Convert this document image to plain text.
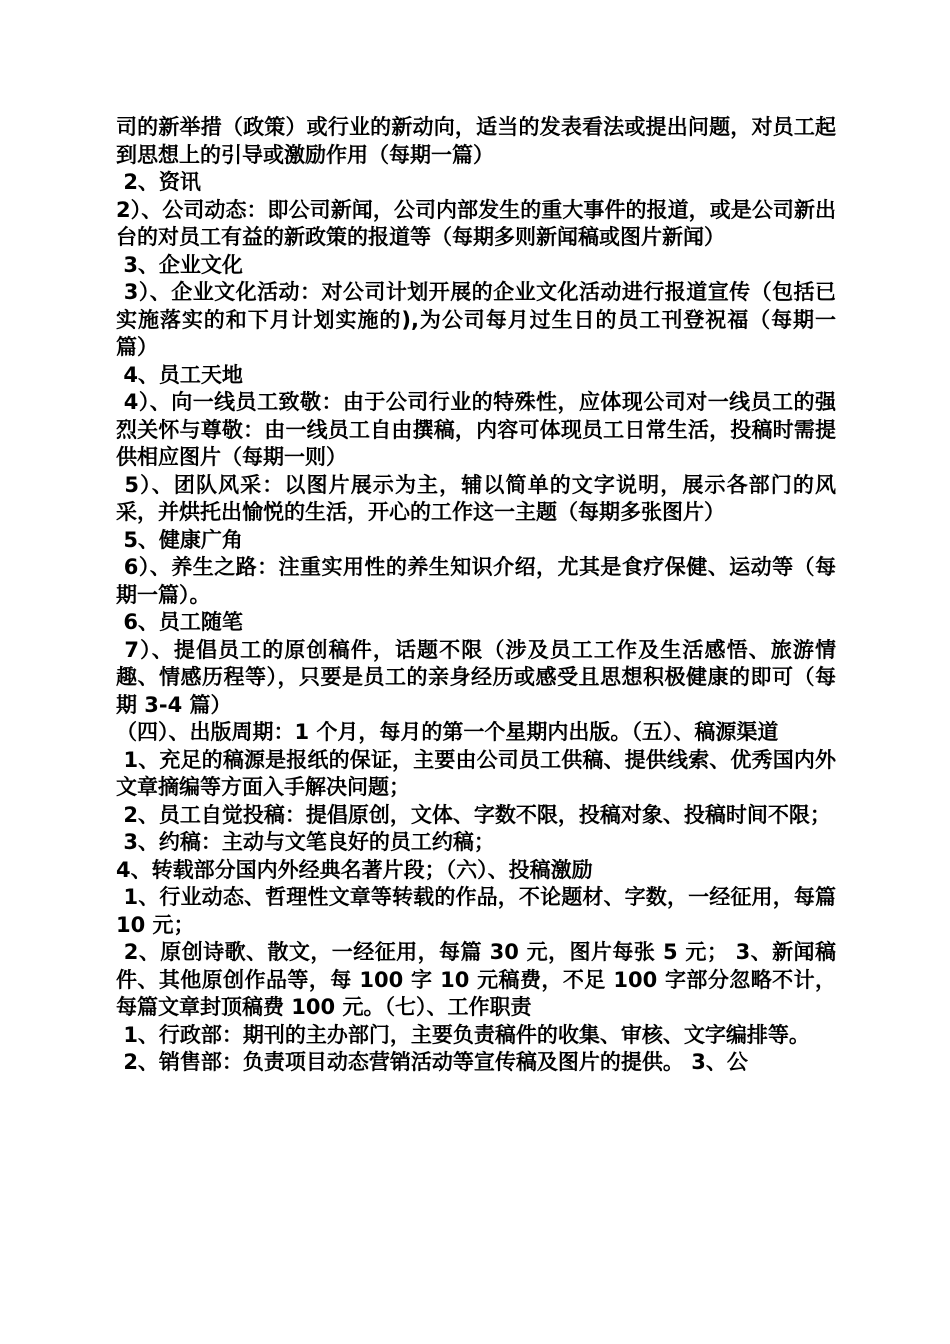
司的新举措（政策）或行业的新动向，适当的发表看法或提出问题，对员工起到思想上的引导或激励作用（每期一篇）

2、资讯

2）、公司动态：即公司新闻，公司内部发生的重大事件的报道，或是公司新出台的对员工有益的新政策的报道等（每期多则新闻稿或图片新闻）

3、企业文化

3）、企业文化活动：对公司计划开展的企业文化活动进行报道宣传（包括已实施落实的和下月计划实施的),为公司每月过生日的员工刊登祝福（每期一篇）

4、员工天地

4）、向一线员工致敬：由于公司行业的特殊性，应体现公司对一线员工的强烈关怀与尊敬：由一线员工自由撰稿，内容可体现员工日常生活，投稿时需提供相应图片（每期一则）

5）、团队风采：以图片展示为主，辅以简单的文字说明，展示各部门的风采，并烘托出愉悦的生活，开心的工作这一主题（每期多张图片）

5、健康广角

6）、养生之路：注重实用性的养生知识介绍，尤其是食疗保健、运动等（每期一篇）。

6、员工随笔

7）、提倡员工的原创稿件，话题不限（涉及员工工作及生活感悟、旅游情趣、情感历程等），只要是员工的亲身经历或感受且思想积极健康的即可（每期 3-4 篇）

（四）、出版周期：1 个月，每月的第一个星期内出版。（五）、稿源渠道

1、充足的稿源是报纸的保证，主要由公司员工供稿、提供线索、优秀国内外文章摘编等方面入手解决问题；

2、员工自觉投稿：提倡原创，文体、字数不限，投稿对象、投稿时间不限；

3、约稿：主动与文笔良好的员工约稿；

4、转载部分国内外经典名著片段；（六）、投稿激励

1、行业动态、哲理性文章等转载的作品，不论题材、字数，一经征用，每篇 10 元；

2、原创诗歌、散文，一经征用，每篇 30 元，图片每张 5 元； 3、新闻稿件、其他原创作品等，每 100 字 10 元稿费，不足 100 字部分忽略不计，每篇文章封顶稿费 100 元。（七）、工作职责

1、行政部：期刊的主办部门，主要负责稿件的收集、审核、文字编排等。

2、销售部：负责项目动态营销活动等宣传稿及图片的提供。 3、公
